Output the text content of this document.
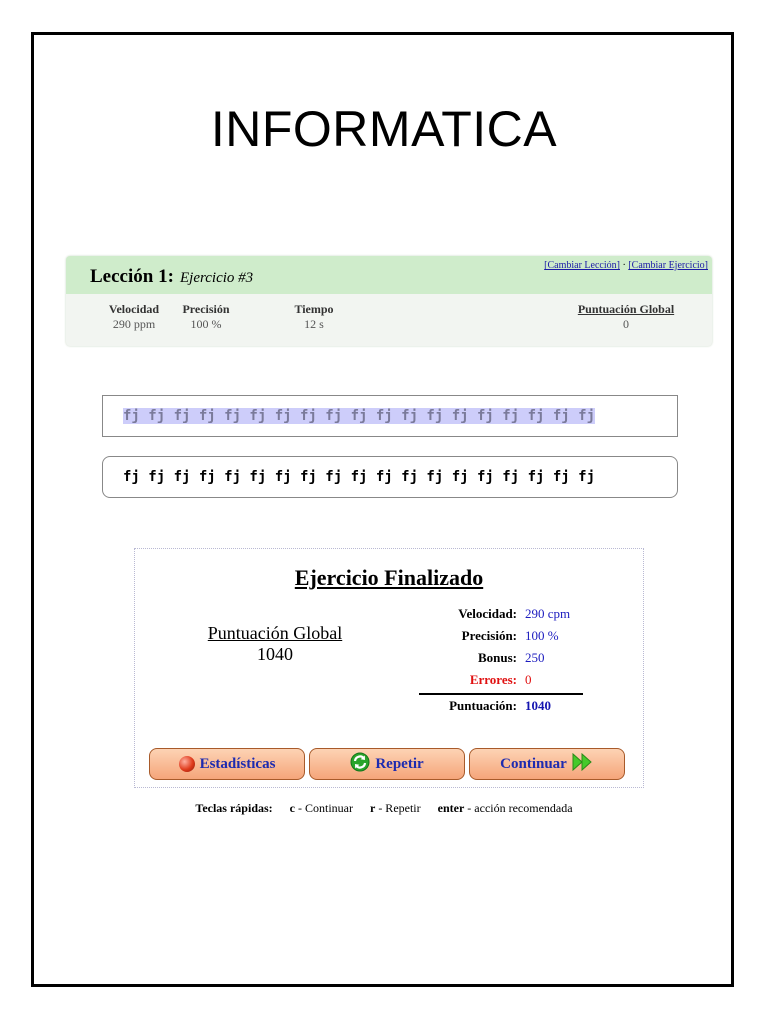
INFORMATICA
Lección 1: Ejercicio #3
[Cambiar Lección] · [Cambiar Ejercicio]
Velocidad
290 ppm
Precisión
100 %
Tiempo
12 s
Puntuación Global
0
fj fj fj fj fj fj fj fj fj fj fj fj fj fj fj fj fj fj fj
fj fj fj fj fj fj fj fj fj fj fj fj fj fj fj fj fj fj fj
Ejercicio Finalizado
Puntuación Global
1040
Velocidad: 290 cpm
Precisión: 100 %
Bonus: 250
Errores: 0
Puntuación: 1040
Estadísticas	Repetir	Continuar
Teclas rápidas: c - Continuar r - Repetir enter - acción recomendada
